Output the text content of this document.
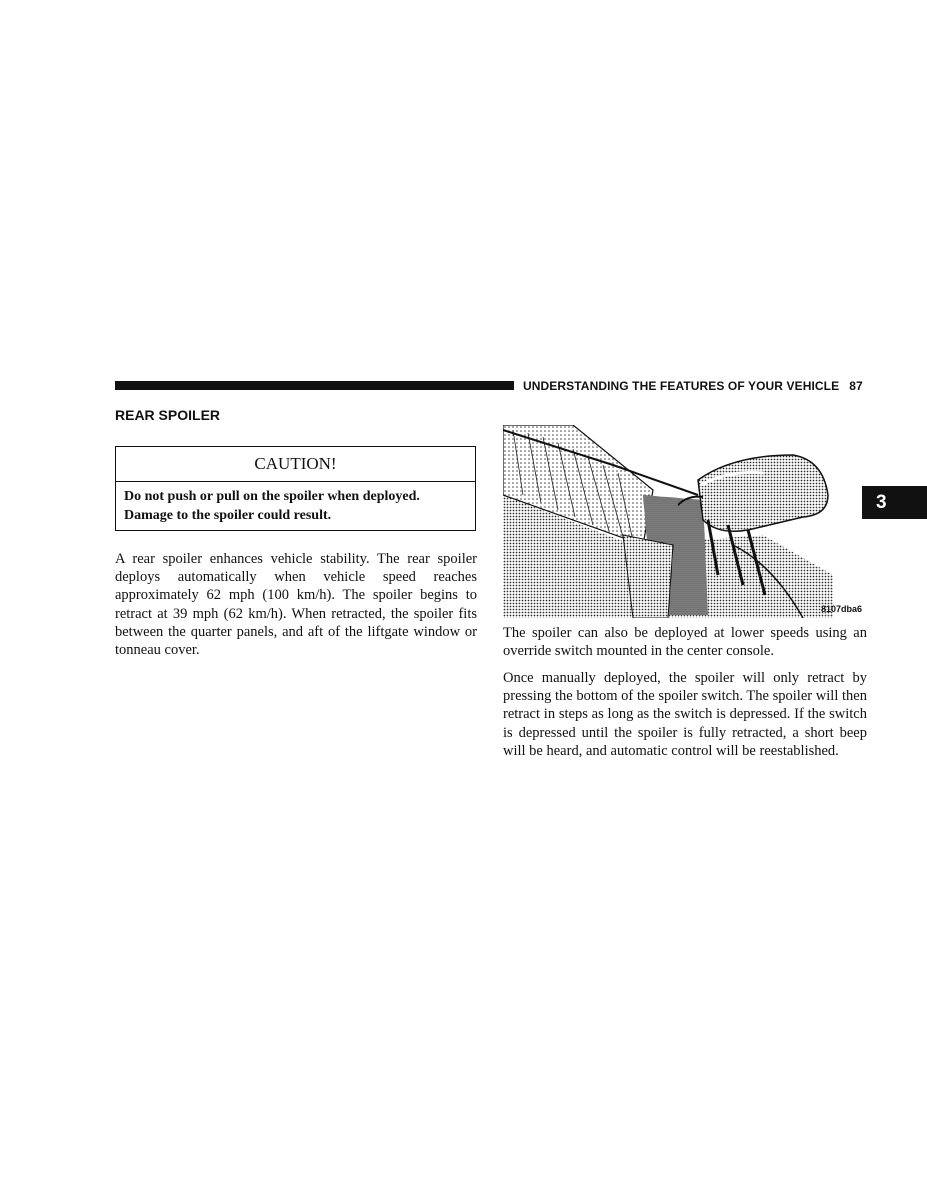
UNDERSTANDING THE FEATURES OF YOUR VEHICLE 87
REAR SPOILER
CAUTION!
Do not push or pull on the spoiler when deployed. Damage to the spoiler could result.
A rear spoiler enhances vehicle stability. The rear spoiler deploys automatically when vehicle speed reaches approximately 62 mph (100 km/h). The spoiler begins to retract at 39 mph (62 km/h). When retracted, the spoiler fits between the quarter panels, and aft of the liftgate window or tonneau cover.
8107dba6
The spoiler can also be deployed at lower speeds using an override switch mounted in the center console.
Once manually deployed, the spoiler will only retract by pressing the bottom of the spoiler switch. The spoiler will then retract in steps as long as the switch is depressed. If the switch is depressed until the spoiler is fully retracted, a short beep will be heard, and automatic control will be reestablished.
3
